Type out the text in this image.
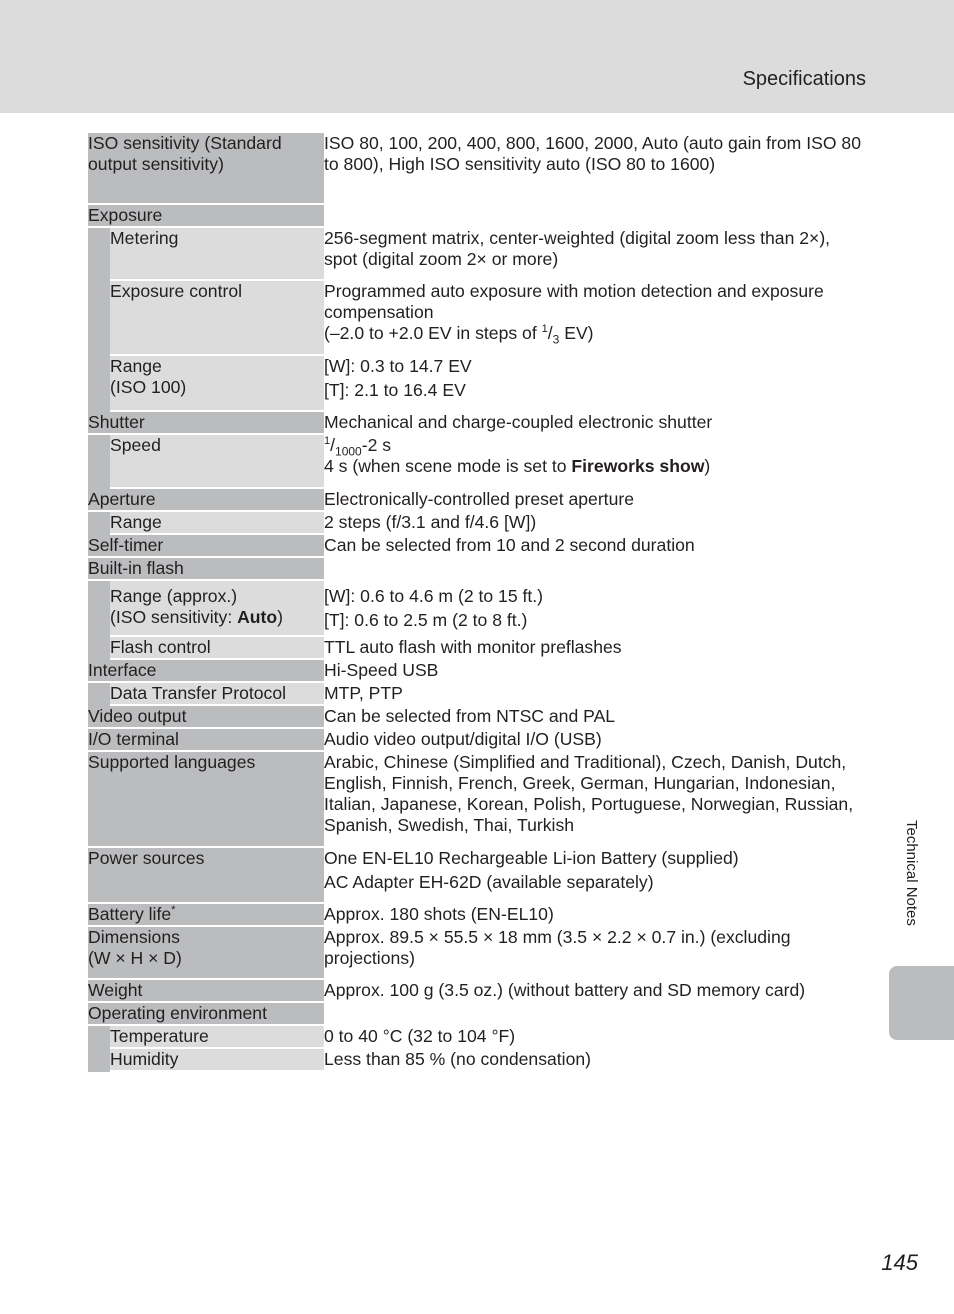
Specifications
ISO sensitivity (Standard output sensitivity)		ISO 80, 100, 200, 400, 800, 1600, 2000, Auto (auto gain from ISO 80 to 800), High ISO sensitivity auto (ISO 80 to 1600)
Exposure		
	Metering	256-segment matrix, center-weighted (digital zoom less than 2×), spot (digital zoom 2× or more)
	Exposure control	Programmed auto exposure with motion detection and exposure compensation
(–2.0 to +2.0 EV in steps of $^1/_3$ EV)

	Range
(ISO 100)	[W]: 0.3 to 14.7 EV
[T]: 2.1 to 16.4 EV

Shutter		Mechanical and charge-coupled electronic shutter
	Speed	$^1/_{1000}-2$ s
4 s (when scene mode is set to Fireworks show)

Aperture		Electronically-controlled preset aperture
	Range	2 steps (f/3.1 and f/4.6 [W])
Self-timer		Can be selected from 10 and 2 second duration
Built-in flash		

	Range (approx.)
(ISO sensitivity: Auto)	[W]: 0.6 to 4.6 m (2 to 15 ft.)
[T]: 0.6 to 2.5 m (2 to 8 ft.)

	Flash control	TTL auto flash with monitor preflashes
Interface		Hi-Speed USB
	Data Transfer Protocol	MTP, PTP
Video output		Can be selected from NTSC and PAL
I/O terminal		Audio video output/digital I/O (USB)
Supported languages		Arabic, Chinese (Simplified and Traditional), Czech, Danish, Dutch, English, Finnish, French, Greek, German, Hungarian, Indonesian, Italian, Japanese, Korean, Polish, Portuguese, Norwegian, Russian, Spanish, Swedish, Thai, Turkish
Power sources		One EN-EL10 Rechargeable Li-ion Battery (supplied)
AC Adapter EH-62D (available separately)

Battery life*		Approx. 180 shots (EN-EL10)

Dimensions
(W × H × D)		Approx. 89.5 × 55.5 × 18 mm (3.5 × 2.2 × 0.7 in.) (excluding projections)
Weight		Approx. 100 g (3.5 oz.) (without battery and SD memory card)
Operating environment		
	Temperature	0 to 40 °C (32 to 104 °F)
	Humidity	Less than 85 % (no condensation)
Technical Notes
145
